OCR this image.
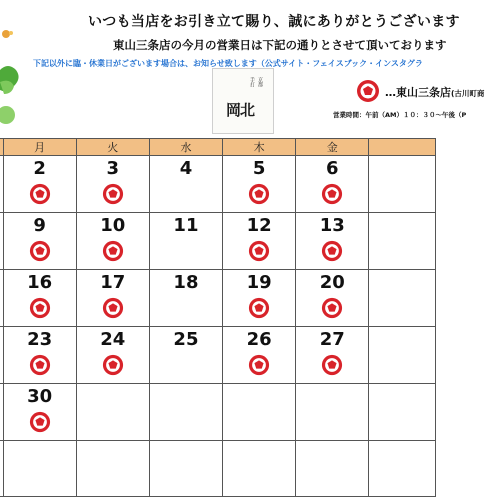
いつも当店をお引き立て賜り、誠にありがとうございます
東山三条店の今月の営業日は下記の通りとさせて頂いております
下記以外に臨・休業日がございます場合は、お知らせ致します（公式サイト・フェイスブック・インスタグラ
京都
手打
岡北
…東山三条店(古川町商
営業時間：午前（AM）１０：３０～午後（P
	月	火	水	木	金	

	2	3	4	5	6	

	9	10	11	12	13	

	16	17	18	19	20	

	23	24	25	26	27	

	30					
